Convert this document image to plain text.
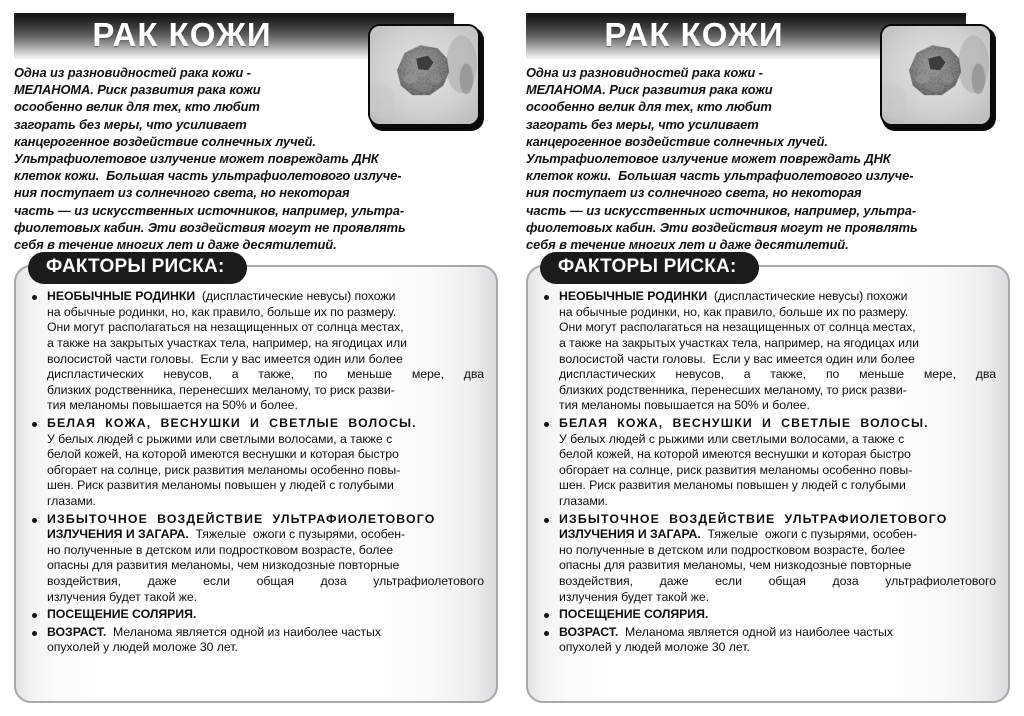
РАК КОЖИ
Одна из разновидностей рака кожи -
МЕЛАНОМА. Риск развития рака кожи
осообенно велик для тех, кто любит
загорать без меры, что усиливает
канцерогенное воздействие солнечных лучей.
Ультрафиолетовое излучение может повреждать ДНК
клеток кожи.  Большая часть ультрафиолетового излуче-
ния поступает из солнечного света, но некоторая
часть — из искусственных источников, например, ультра-
фиолетовых кабин. Эти воздействия могут не проявлять
себя в течение многих лет и даже десятилетий.
ФАКТОРЫ РИСКА:
НЕОБЫЧНЫЕ РОДИНКИ  (диспластические невусы) похожи
на обычные родинки, но, как правило, больше их по размеру.
Они могут располагаться на незащищенных от солнца местах,
а также на закрытых участках тела, например, на ягодицах или
волосистой части головы.  Если у вас имеется один или более
диспластических невусов, а также, по меньше мере, два
близких родственника, перенесших меланому, то риск разви-
тия меланомы повышается на 50% и более.
БЕЛАЯ  КОЖА,  ВЕСНУШКИ  И  СВЕТЛЫЕ  ВОЛОСЫ.
У белых людей с рыжими или светлыми волосами, а также с
белой кожей, на которой имеются веснушки и которая быстро
обгорает на солнце, риск развития меланомы особенно повы-
шен. Риск развития меланомы повышен у людей с голубыми
глазами.
ИЗБЫТОЧНОЕ  ВОЗДЕЙСТВИЕ  УЛЬТРАФИОЛЕТОВОГО
ИЗЛУЧЕНИЯ И ЗАГАРА.  Тяжелые  ожоги с пузырями, особен-
но полученные в детском или подростковом возрасте, более
опасны для развития меланомы, чем низкодозные повторные
воздействия, даже если общая доза ультрафиолетового
излучения будет такой же.
ПОСЕЩЕНИЕ СОЛЯРИЯ.
ВОЗРАСТ.  Меланома является одной из наиболее частых
опухолей у людей моложе 30 лет.
РАК КОЖИ
Одна из разновидностей рака кожи -
МЕЛАНОМА. Риск развития рака кожи
осообенно велик для тех, кто любит
загорать без меры, что усиливает
канцерогенное воздействие солнечных лучей.
Ультрафиолетовое излучение может повреждать ДНК
клеток кожи.  Большая часть ультрафиолетового излуче-
ния поступает из солнечного света, но некоторая
часть — из искусственных источников, например, ультра-
фиолетовых кабин. Эти воздействия могут не проявлять
себя в течение многих лет и даже десятилетий.
ФАКТОРЫ РИСКА:
НЕОБЫЧНЫЕ РОДИНКИ  (диспластические невусы) похожи
на обычные родинки, но, как правило, больше их по размеру.
Они могут располагаться на незащищенных от солнца местах,
а также на закрытых участках тела, например, на ягодицах или
волосистой части головы.  Если у вас имеется один или более
диспластических невусов, а также, по меньше мере, два
близких родственника, перенесших меланому, то риск разви-
тия меланомы повышается на 50% и более.
БЕЛАЯ  КОЖА,  ВЕСНУШКИ  И  СВЕТЛЫЕ  ВОЛОСЫ.
У белых людей с рыжими или светлыми волосами, а также с
белой кожей, на которой имеются веснушки и которая быстро
обгорает на солнце, риск развития меланомы особенно повы-
шен. Риск развития меланомы повышен у людей с голубыми
глазами.
ИЗБЫТОЧНОЕ  ВОЗДЕЙСТВИЕ  УЛЬТРАФИОЛЕТОВОГО
ИЗЛУЧЕНИЯ И ЗАГАРА.  Тяжелые  ожоги с пузырями, особен-
но полученные в детском или подростковом возрасте, более
опасны для развития меланомы, чем низкодозные повторные
воздействия, даже если общая доза ультрафиолетового
излучения будет такой же.
ПОСЕЩЕНИЕ СОЛЯРИЯ.
ВОЗРАСТ.  Меланома является одной из наиболее частых
опухолей у людей моложе 30 лет.
